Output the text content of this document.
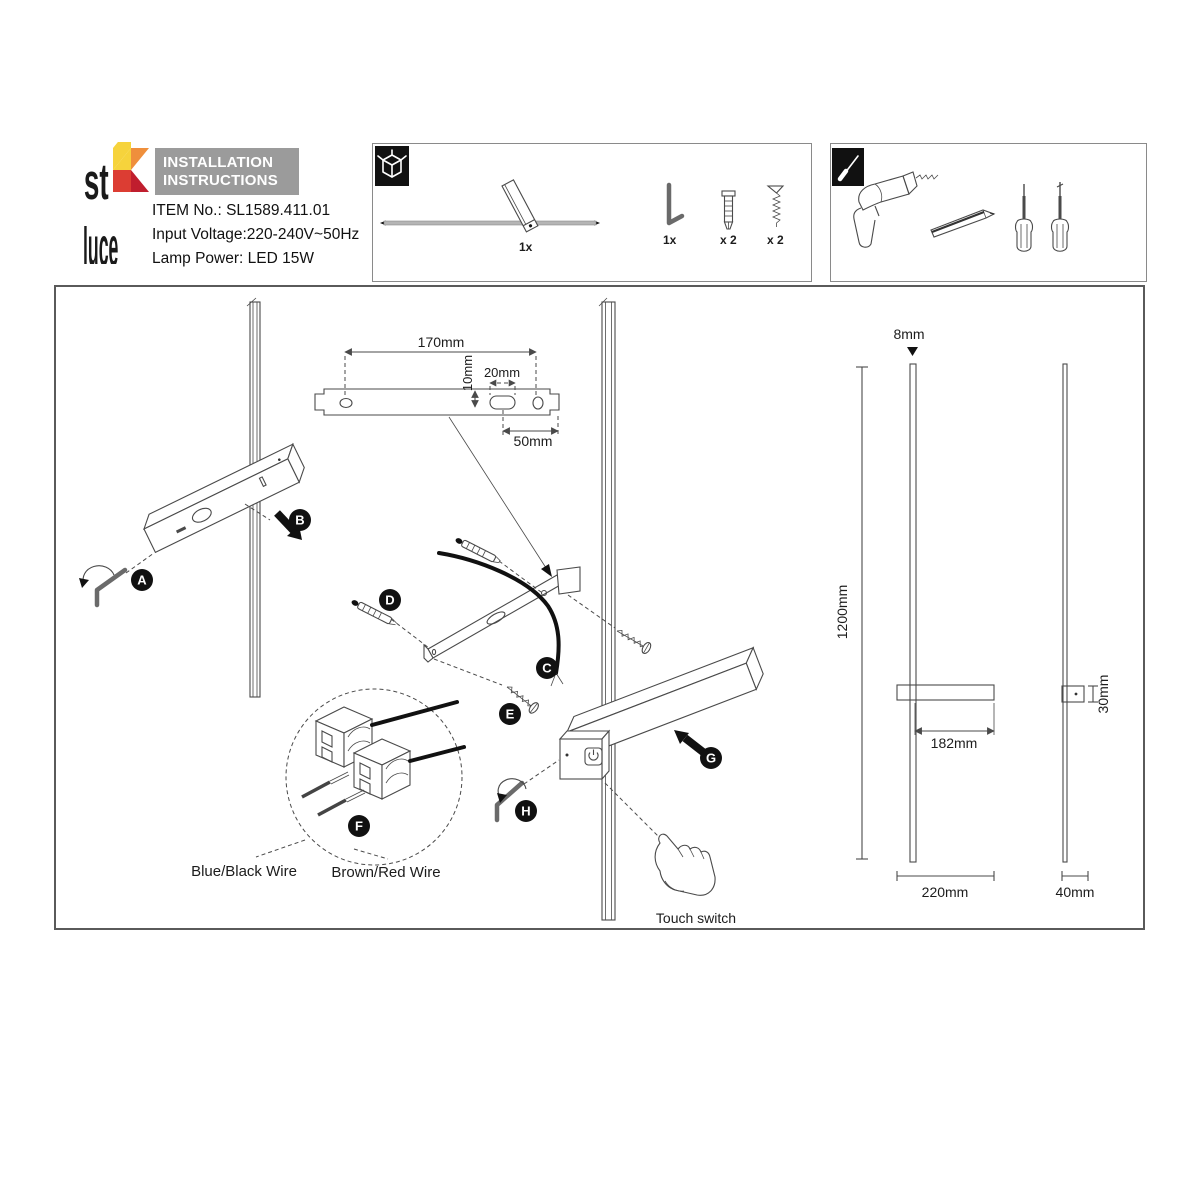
st
luce
INSTALLATION
INSTRUCTIONS
ITEM No.: SL1589.411.01
Input Voltage:220-240V~50Hz
Lamp Power: LED 15W
1x	1x	x 2	x 2
A
B
170mm
10mm 20mm
50mm
D
C
E
G
H
Touch switch
F
Blue/Black Wire Brown/Red Wire
8mm
1200mm
182mm
220mm
30mm
40mm
